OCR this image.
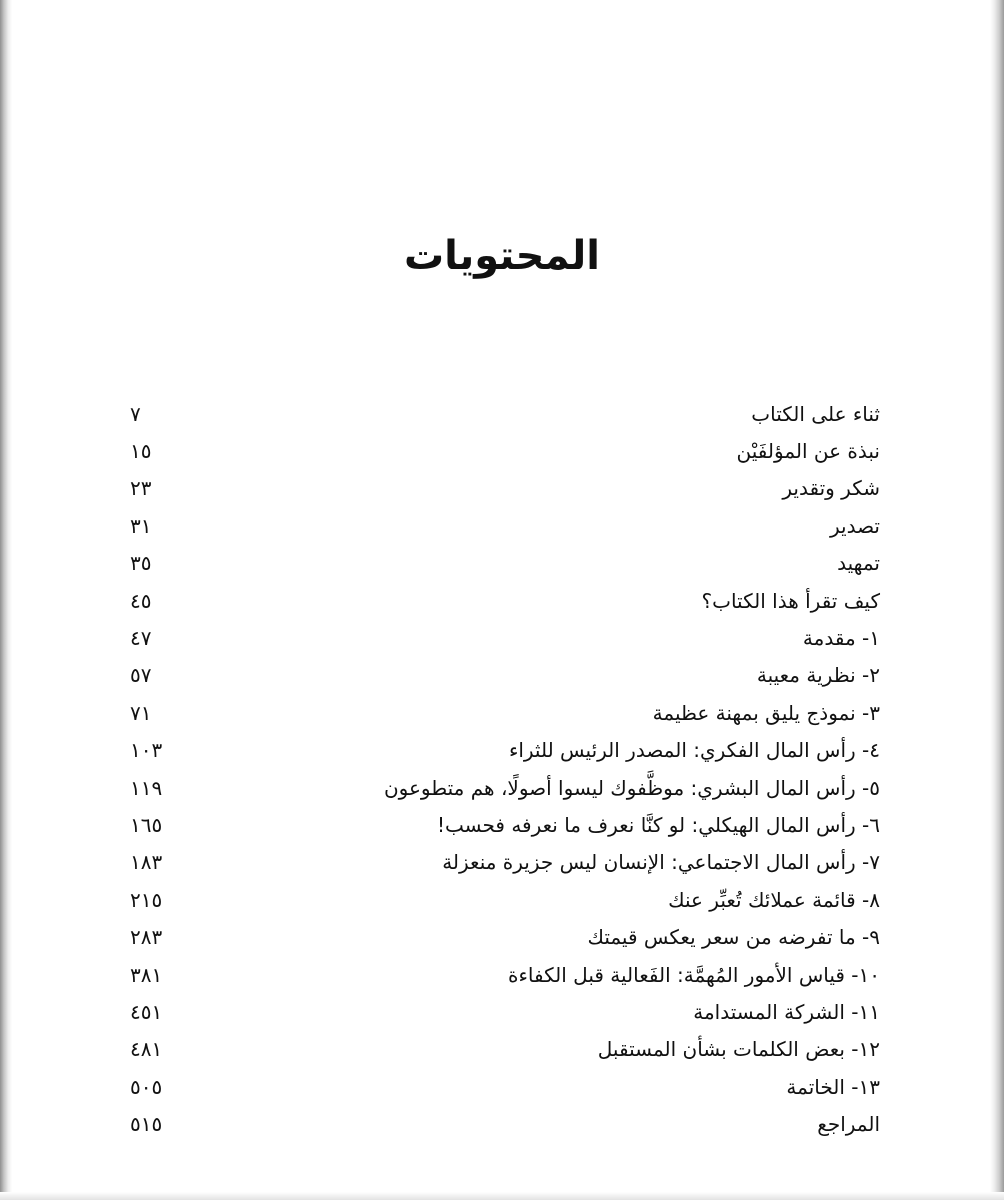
المحتويات
ثناء على الكتاب
٧
نبذة عن المؤلفَيْن
١٥
شكر وتقدير
٢٣
تصدير
٣١
تمهيد
٣٥
كيف تقرأ هذا الكتاب؟
٤٥
١- مقدمة
٤٧
٢- نظرية معيبة
٥٧
٣- نموذج يليق بمهنة عظيمة
٧١
٤- رأس المال الفكري: المصدر الرئيس للثراء
١٠٣
٥- رأس المال البشري: موظَّفوك ليسوا أصولًا، هم متطوعون
١١٩
٦- رأس المال الهيكلي: لو كنَّا نعرف ما نعرفه فحسب!
١٦٥
٧- رأس المال الاجتماعي: الإنسان ليس جزيرة منعزلة
١٨٣
٨- قائمة عملائك تُعبِّر عنك
٢١٥
٩- ما تفرضه من سعر يعكس قيمتك
٢٨٣
١٠- قياس الأمور المُهمَّة: الفَعالية قبل الكفاءة
٣٨١
١١- الشركة المستدامة
٤٥١
١٢- بعض الكلمات بشأن المستقبل
٤٨١
١٣- الخاتمة
٥٠٥
المراجع
٥١٥
